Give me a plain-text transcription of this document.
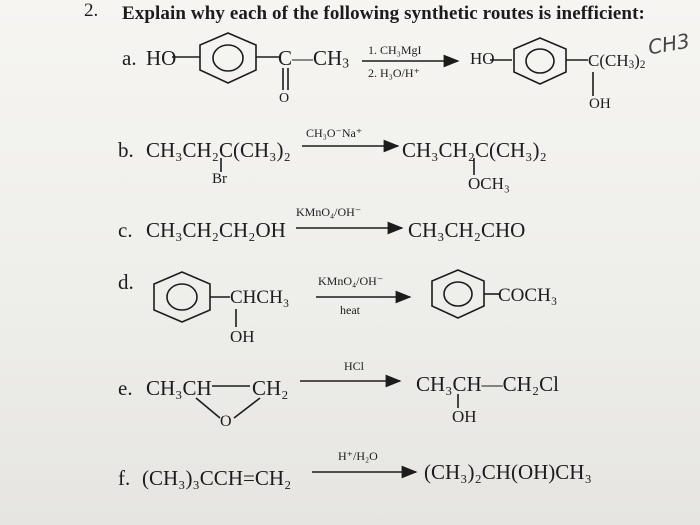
2. Explain why each of the following synthetic routes is inefficient:
CH3
a. HO	$C—CH_3$
O
1. CH₃MgI
2. H₃O/H⁺
HO	$C(CH_3)_2$
OH
b. CH₃CH₂C(CH₃)₂
Br
CH₃O⁻Na⁺
CH₃CH₂C(CH₃)₂
OCH₃
c. CH₃CH₂CH₂OH
KMnO₄/OH⁻
CH₃CH₂CHO
d.
CHCH₃
OH
KMnO₄/OH⁻
heat
COCH₃
e. CH₃CH CH₂
O
HCl
CH₃CH—CH₂Cl
OH
f. (CH₃)₃CCH=CH₂
H⁺/H₂O
(CH₃)₂CH(OH)CH₃
